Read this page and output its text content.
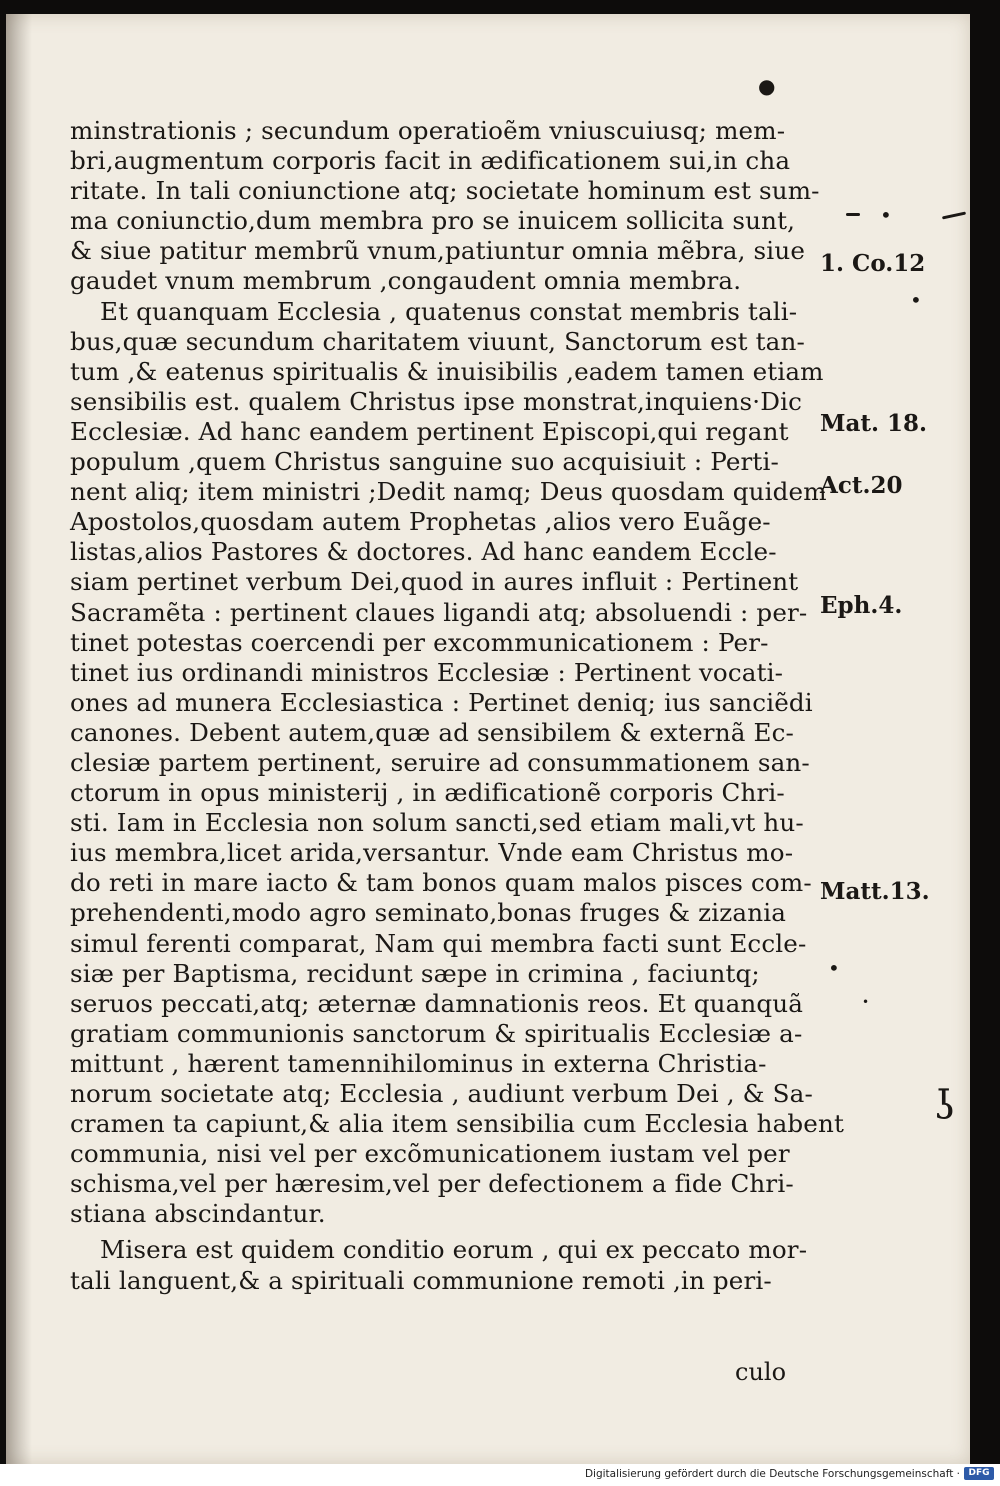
minstrationis ; secundum operatioẽm vniuscuiusq; mem-
bri,augmentum corporis facit in ædificationem sui,in cha
ritate. In tali coniunctione atq; societate hominum est sum-
ma coniunctio,dum membra pro se inuicem sollicita sunt,
& siue patitur membrũ vnum,patiuntur omnia mẽbra, siue
gaudet vnum membrum ,congaudent omnia membra.
Et quanquam Ecclesia , quatenus constat membris tali-
bus,quæ secundum charitatem viuunt, Sanctorum est tan-
tum ,& eatenus spiritualis & inuisibilis ,eadem tamen etiam
sensibilis est. qualem Christus ipse monstrat,inquiens·Dic
Ecclesiæ. Ad hanc eandem pertinent Episcopi,qui regant
populum ,quem Christus sanguine suo acquisiuit : Perti-
nent aliq; item ministri ;Dedit namq; Deus quosdam quidem
Apostolos,quosdam autem Prophetas ,alios vero Euãge-
listas,alios Pastores & doctores. Ad hanc eandem Eccle-
siam pertinet verbum Dei,quod in aures influit : Pertinent
Sacramẽta : pertinent claues ligandi atq; absoluendi : per-
tinet potestas coercendi per excommunicationem : Per-
tinet ius ordinandi ministros Ecclesiæ : Pertinent vocati-
ones ad munera Ecclesiastica : Pertinet deniq; ius sanciẽdi
canones. Debent autem,quæ ad sensibilem & externã Ec-
clesiæ partem pertinent, seruire ad consummationem san-
ctorum in opus ministerij , in ædificationẽ corporis Chri-
sti. Iam in Ecclesia non solum sancti,sed etiam mali,vt hu-
ius membra,licet arida,versantur. Vnde eam Christus mo-
do reti in mare iacto & tam bonos quam malos pisces com-
prehendenti,modo agro seminato,bonas fruges & zizania
simul ferenti comparat, Nam qui membra facti sunt Eccle-
siæ per Baptisma, recidunt sæpe in crimina , faciuntq;
seruos peccati,atq; æternæ damnationis reos. Et quanquã
gratiam communionis sanctorum & spiritualis Ecclesiæ a-
mittunt , hærent tamennihilominus in externa Christia-
norum societate atq; Ecclesia , audiunt verbum Dei , & Sa-
cramen ta capiunt,& alia item sensibilia cum Ecclesia habent
communia, nisi vel per excõmunicationem iustam vel per
schisma,vel per hæresim,vel per defectionem a fide Chri-
stiana abscindantur.
Misera est quidem conditio eorum , qui ex peccato mor-
tali languent,& a spirituali communione remoti ,in peri-
culo
1. Co.12
Mat. 18.
Act.20
Eph.4.
Matt.13.
●
•
•
•
•
ʖ
Digitalisierung gefördert durch die Deutsche Forschungsgemeinschaft · DFG
